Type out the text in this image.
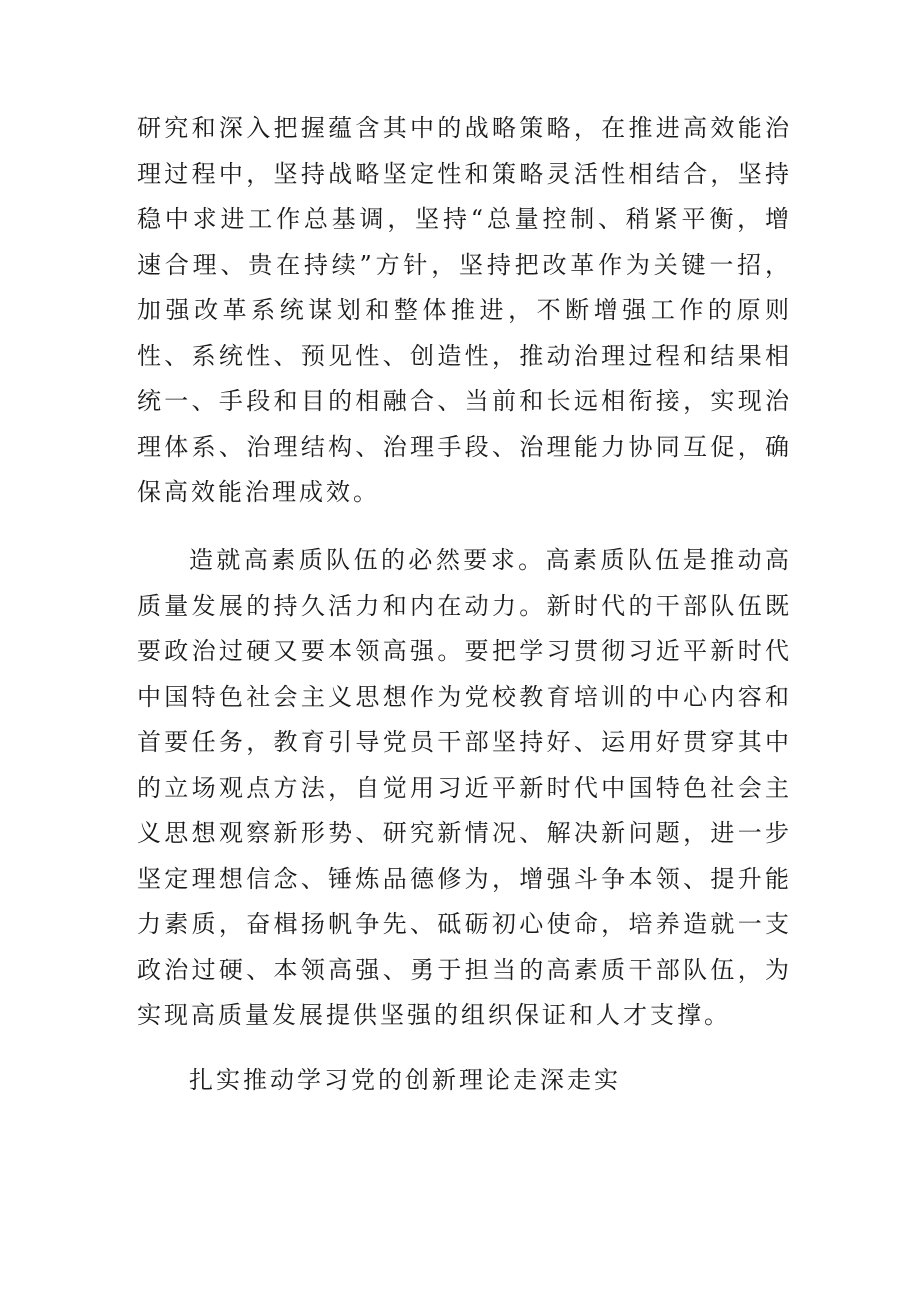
研究和深入把握蕴含其中的战略策略，在推进高效能治理过程中，坚持战略坚定性和策略灵活性相结合，坚持稳中求进工作总基调，坚持“总量控制、稍紧平衡，增速合理、贵在持续”方针，坚持把改革作为关键一招，加强改革系统谋划和整体推进，不断增强工作的原则性、系统性、预见性、创造性，推动治理过程和结果相统一、手段和目的相融合、当前和长远相衔接，实现治理体系、治理结构、治理手段、治理能力协同互促，确保高效能治理成效。

造就高素质队伍的必然要求。高素质队伍是推动高质量发展的持久活力和内在动力。新时代的干部队伍既要政治过硬又要本领高强。要把学习贯彻习近平新时代中国特色社会主义思想作为党校教育培训的中心内容和首要任务，教育引导党员干部坚持好、运用好贯穿其中的立场观点方法，自觉用习近平新时代中国特色社会主义思想观察新形势、研究新情况、解决新问题，进一步坚定理想信念、锤炼品德修为，增强斗争本领、提升能力素质，奋楫扬帆争先、砥砺初心使命，培养造就一支政治过硬、本领高强、勇于担当的高素质干部队伍，为实现高质量发展提供坚强的组织保证和人才支撑。

扎实推动学习党的创新理论走深走实
